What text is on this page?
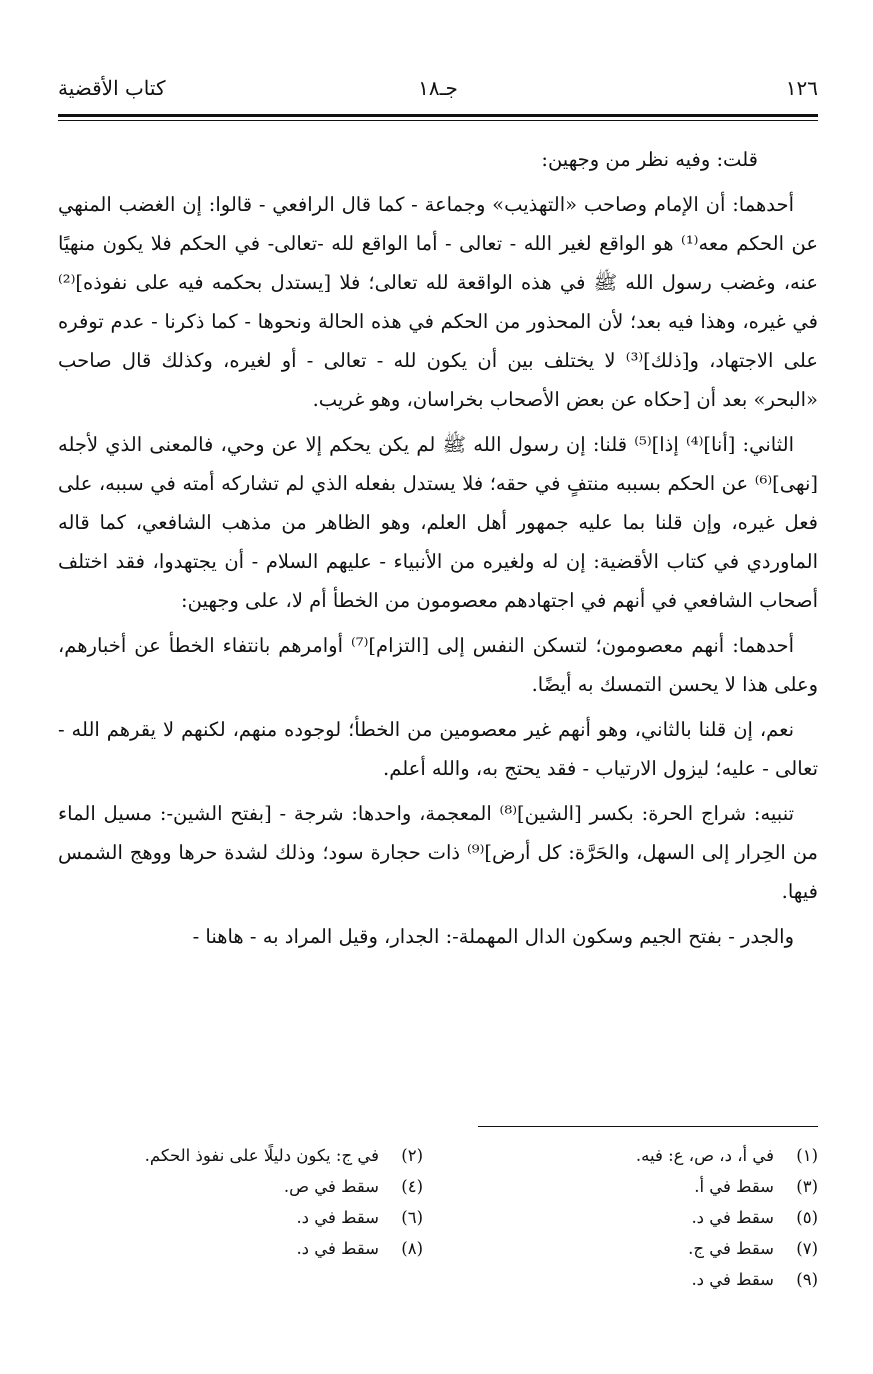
١٢٦
جـ١٨
كتاب الأقضية

قلت: وفيه نظر من وجهين:

أحدهما: أن الإمام وصاحب «التهذيب» وجماعة - كما قال الرافعي - قالوا: إن الغضب المنهي عن الحكم معه⁽¹⁾ هو الواقع لغير الله - تعالى - أما الواقع لله -تعالى- في الحكم فلا يكون منهيًا عنه، وغضب رسول الله ﷺ في هذه الواقعة لله تعالى؛ فلا [يستدل بحكمه فيه على نفوذه]⁽²⁾ في غيره، وهذا فيه بعد؛ لأن المحذور من الحكم في هذه الحالة ونحوها - كما ذكرنا - عدم توفره على الاجتهاد، و[ذلك]⁽³⁾ لا يختلف بين أن يكون لله - تعالى - أو لغيره، وكذلك قال صاحب «البحر» بعد أن [حكاه عن بعض الأصحاب بخراسان، وهو غريب.

الثاني: [أنا]⁽⁴⁾ إذا]⁽⁵⁾ قلنا: إن رسول الله ﷺ لم يكن يحكم إلا عن وحي، فالمعنى الذي لأجله [نهى]⁽⁶⁾ عن الحكم بسببه منتفٍ في حقه؛ فلا يستدل بفعله الذي لم تشاركه أمته في سببه، على فعل غيره، وإن قلنا بما عليه جمهور أهل العلم، وهو الظاهر من مذهب الشافعي، كما قاله الماوردي في كتاب الأقضية: إن له ولغيره من الأنبياء - عليهم السلام - أن يجتهدوا، فقد اختلف أصحاب الشافعي في أنهم في اجتهادهم معصومون من الخطأ أم لا، على وجهين:

أحدهما: أنهم معصومون؛ لتسكن النفس إلى [التزام]⁽⁷⁾ أوامرهم بانتفاء الخطأ عن أخبارهم، وعلى هذا لا يحسن التمسك به أيضًا.

نعم، إن قلنا بالثاني، وهو أنهم غير معصومين من الخطأ؛ لوجوده منهم، لكنهم لا يقرهم الله - تعالى - عليه؛ ليزول الارتياب - فقد يحتج به، والله أعلم.

تنبيه: شراج الحرة: بكسر [الشين]⁽⁸⁾ المعجمة، واحدها: شرجة - [بفتح الشين-: مسيل الماء من الحِرار إلى السهل، والحَرَّة: كل أرض]⁽⁹⁾ ذات حجارة سود؛ وذلك لشدة حرها ووهج الشمس فيها.

والجدر - بفتح الجيم وسكون الدال المهملة-: الجدار، وقيل المراد به - هاهنا -

(١)في أ، د، ص، ع: فيه.
(٣)سقط في أ.
(٥)سقط في د.
(٧)سقط في ج.
(٩)سقط في د.
(٢)في ج: يكون دليلًا على نفوذ الحكم.
(٤)سقط في ص.
(٦)سقط في د.
(٨)سقط في د.
